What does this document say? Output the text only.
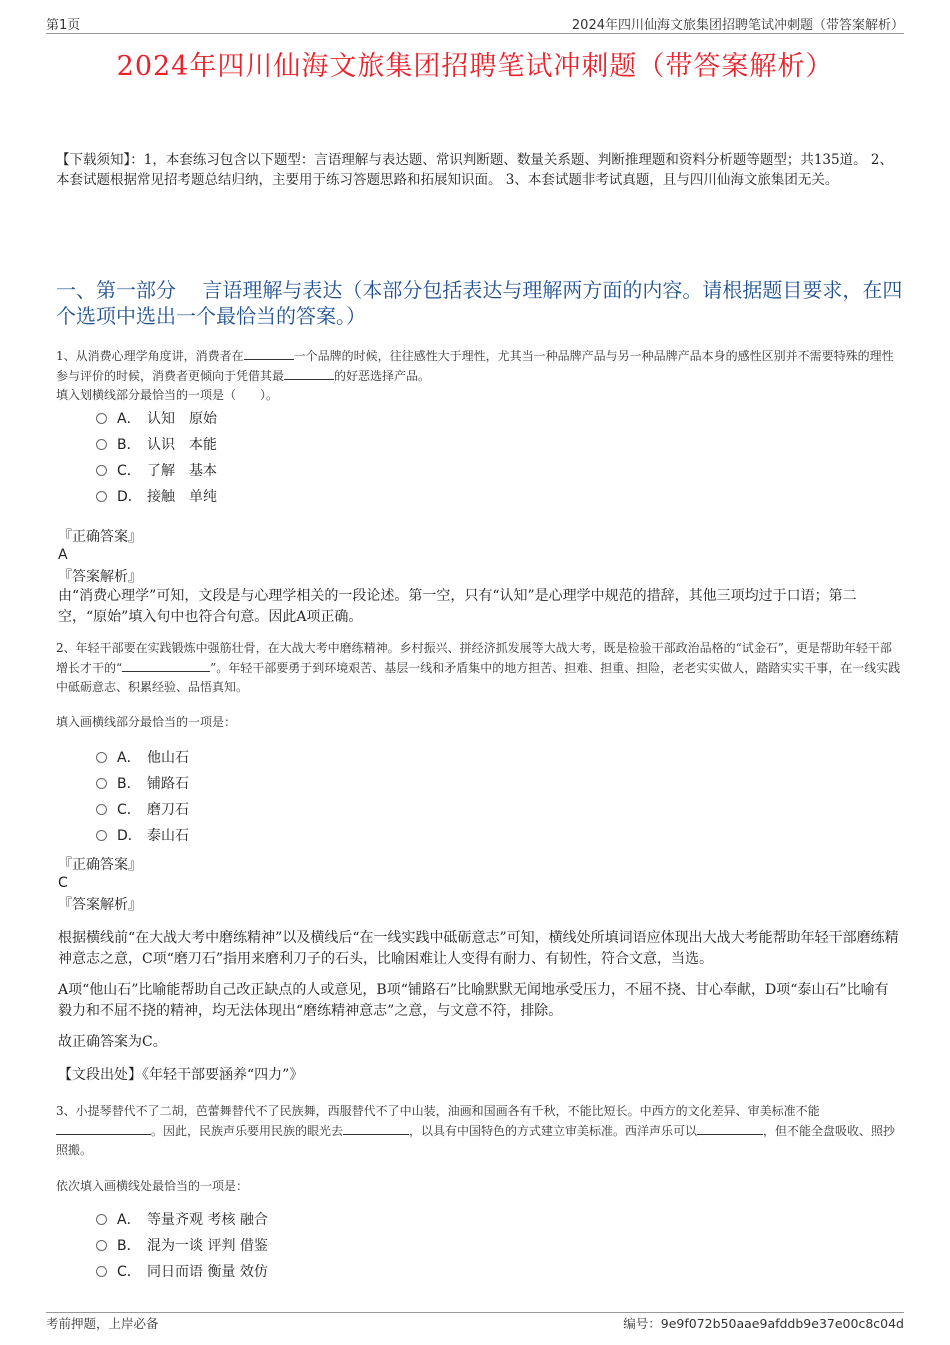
第1页	2024年四川仙海文旅集团招聘笔试冲刺题（带答案解析）
2024年四川仙海文旅集团招聘笔试冲刺题（带答案解析）
【下载须知】：1，本套练习包含以下题型：言语理解与表达题、常识判断题、数量关系题、判断推理题和资料分析题等题型；共135道。 2、本套试题根据常见招考题总结归纳，主要用于练习答题思路和拓展知识面。 3、本套试题非考试真题，且与四川仙海文旅集团无关。
一、第一部分　 言语理解与表达（本部分包括表达与理解两方面的内容。请根据题目要求，在四个选项中选出一个最恰当的答案。）
1、从消费心理学角度讲，消费者在	一个品牌的时候，往往感性大于理性，尤其当一种品牌产品与另一种品牌产品本身的感性区别并不需要特殊的理性参与评价的时候，消费者更倾向于凭借其最	的好恶选择产品。
填入划横线部分最恰当的一项是（　　）。
A． 认知　原始
B． 认识　本能
C． 了解　基本
D． 接触　单纯
『正确答案』
A
『答案解析』
由“消费心理学”可知，文段是与心理学相关的一段论述。第一空，只有“认知”是心理学中规范的措辞，其他三项均过于口语；第二空，“原始”填入句中也符合句意。因此A项正确。
2、年轻干部要在实践锻炼中强筋壮骨，在大战大考中磨练精神。乡村振兴、拼经济抓发展等大战大考，既是检验干部政治品格的“试金石”，更是帮助年轻干部增长才干的“	”。年轻干部要勇于到环境艰苦、基层一线和矛盾集中的地方担苦、担难、担重、担险，老老实实做人，踏踏实实干事，在一线实践中砥砺意志、积累经验、品悟真知。
填入画横线部分最恰当的一项是：
A． 他山石
B． 铺路石
C． 磨刀石
D． 泰山石
『正确答案』
C
『答案解析』
根据横线前“在大战大考中磨练精神”以及横线后“在一线实践中砥砺意志”可知，横线处所填词语应体现出大战大考能帮助年轻干部磨练精神意志之意，C项“磨刀石”指用来磨利刀子的石头，比喻困难让人变得有耐力、有韧性，符合文意，当选。
A项“他山石”比喻能帮助自己改正缺点的人或意见，B项“铺路石”比喻默默无闻地承受压力，不屈不挠、甘心奉献，D项“泰山石”比喻有毅力和不屈不挠的精神，均无法体现出“磨练精神意志”之意，与文意不符，排除。
故正确答案为C。
【文段出处】《年轻干部要涵养“四力”》
3、小提琴替代不了二胡，芭蕾舞替代不了民族舞，西服替代不了中山装，油画和国画各有千秋，不能比短长。中西方的文化差异、审美标准不能。因此，民族声乐要用民族的眼光去	，以具有中国特色的方式建立审美标准。西洋声乐可以	，但不能全盘吸收、照抄照搬。
依次填入画横线处最恰当的一项是：
A． 等量齐观 考核 融合
B． 混为一谈 评判 借鉴
C． 同日而语 衡量 效仿
考前押题，上岸必备	编号：9e9f072b50aae9afddb9e37e00c8c04d
